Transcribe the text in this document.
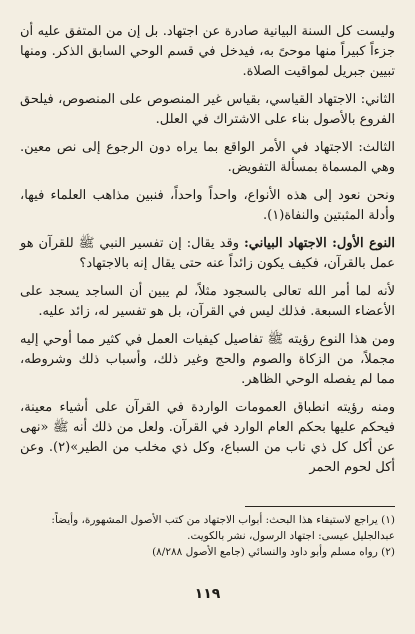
وليست كل السنة البيانية صادرة عن اجتهاد. بل إن من المتفق عليه أن جزءاً كبيراً منها موحىً به، فيدخل في قسم الوحي السابق الذكر. ومنها تبيين جبريل لمواقيت الصلاة.

الثاني: الاجتهاد القياسي، بقياس غير المنصوص على المنصوص، فيلحق الفروع بالأصول بناء على الاشتراك في العلل.

الثالث: الاجتهاد في الأمر الواقع بما يراه دون الرجوع إلى نص معين. وهي المسماة بمسألة التفويض.

ونحن نعود إلى هذه الأنواع، واحداً واحداً، فنبين مذاهب العلماء فيها، وأدلة المثبتين والنفاة(١).

النوع الأول: الاجتهاد البياني: وقد يقال: إن تفسير النبي ﷺ للقرآن هو عمل بالقرآن، فكيف يكون زائداً عنه حتى يقال إنه بالاجتهاد؟

لأنه لما أمر الله تعالى بالسجود مثلاً، لم يبين أن الساجد يسجد على الأعضاء السبعة. فذلك ليس في القرآن، بل هو تفسير له، زائد عليه.

ومن هذا النوع رؤيته ﷺ تفاصيل كيفيات العمل في كثير مما أوحي إليه مجملاً، من الزكاة والصوم والحج وغير ذلك، وأسباب ذلك وشروطه، مما لم يفصله الوحي الظاهر.

ومنه رؤيته انطباق العمومات الواردة في القرآن على أشياء معينة، فيحكم عليها بحكم العام الوارد في القرآن. ولعل من ذلك أنه ﷺ «نهى عن أكل كل ذي ناب من السباع، وكل ذي مخلب من الطير»(٢). وعن أكل لحوم الحمر

(١) يراجع لاستيفاء هذا البحث: أبواب الاجتهاد من كتب الأصول المشهورة، وأيضاً: عبدالجليل عيسى: اجتهاد الرسول، نشر بالكويت.

(٢) رواه مسلم وأبو داود والنسائي (جامع الأصول ٨/٢٨٨)

١١٩
